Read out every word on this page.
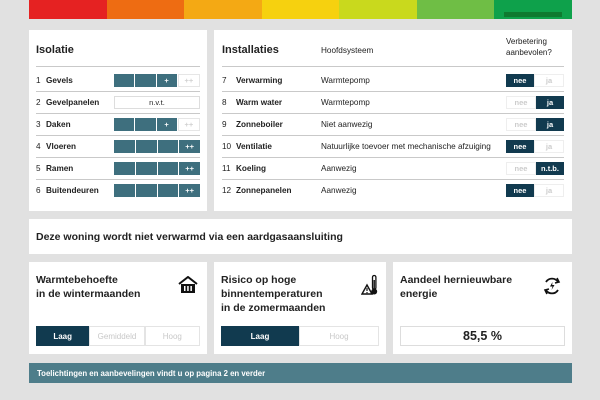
Isolatie
1 Gevels	+	++
2 Gevelpanelen	n.v.t.
3 Daken	+	++
4 Vloeren	++
5 Ramen	++
6 Buitendeuren	++
Installaties	Hoofdsysteem
Verbetering
aanbevolen?
7 Verwarming	Warmtepomp	nee	ja
8 Warm water	Warmtepomp	nee	ja
9 Zonneboiler	Niet aanwezig	nee	ja
10 Ventilatie	Natuurlijke toevoer met mechanische afzuiging	nee	ja
11 Koeling	Aanwezig	nee	n.t.b.
12 Zonnepanelen	Aanwezig	nee	ja
Deze woning wordt niet verwarmd via een aardgasaansluiting
Warmtebehoefte
in de wintermaanden
Laag	Gemiddeld	Hoog
Risico op hoge
binnentemperaturen
in de zomermaanden
Laag	Hoog
Aandeel hernieuwbare
energie
85,5 %
Toelichtingen en aanbevelingen vindt u op pagina 2 en verder
